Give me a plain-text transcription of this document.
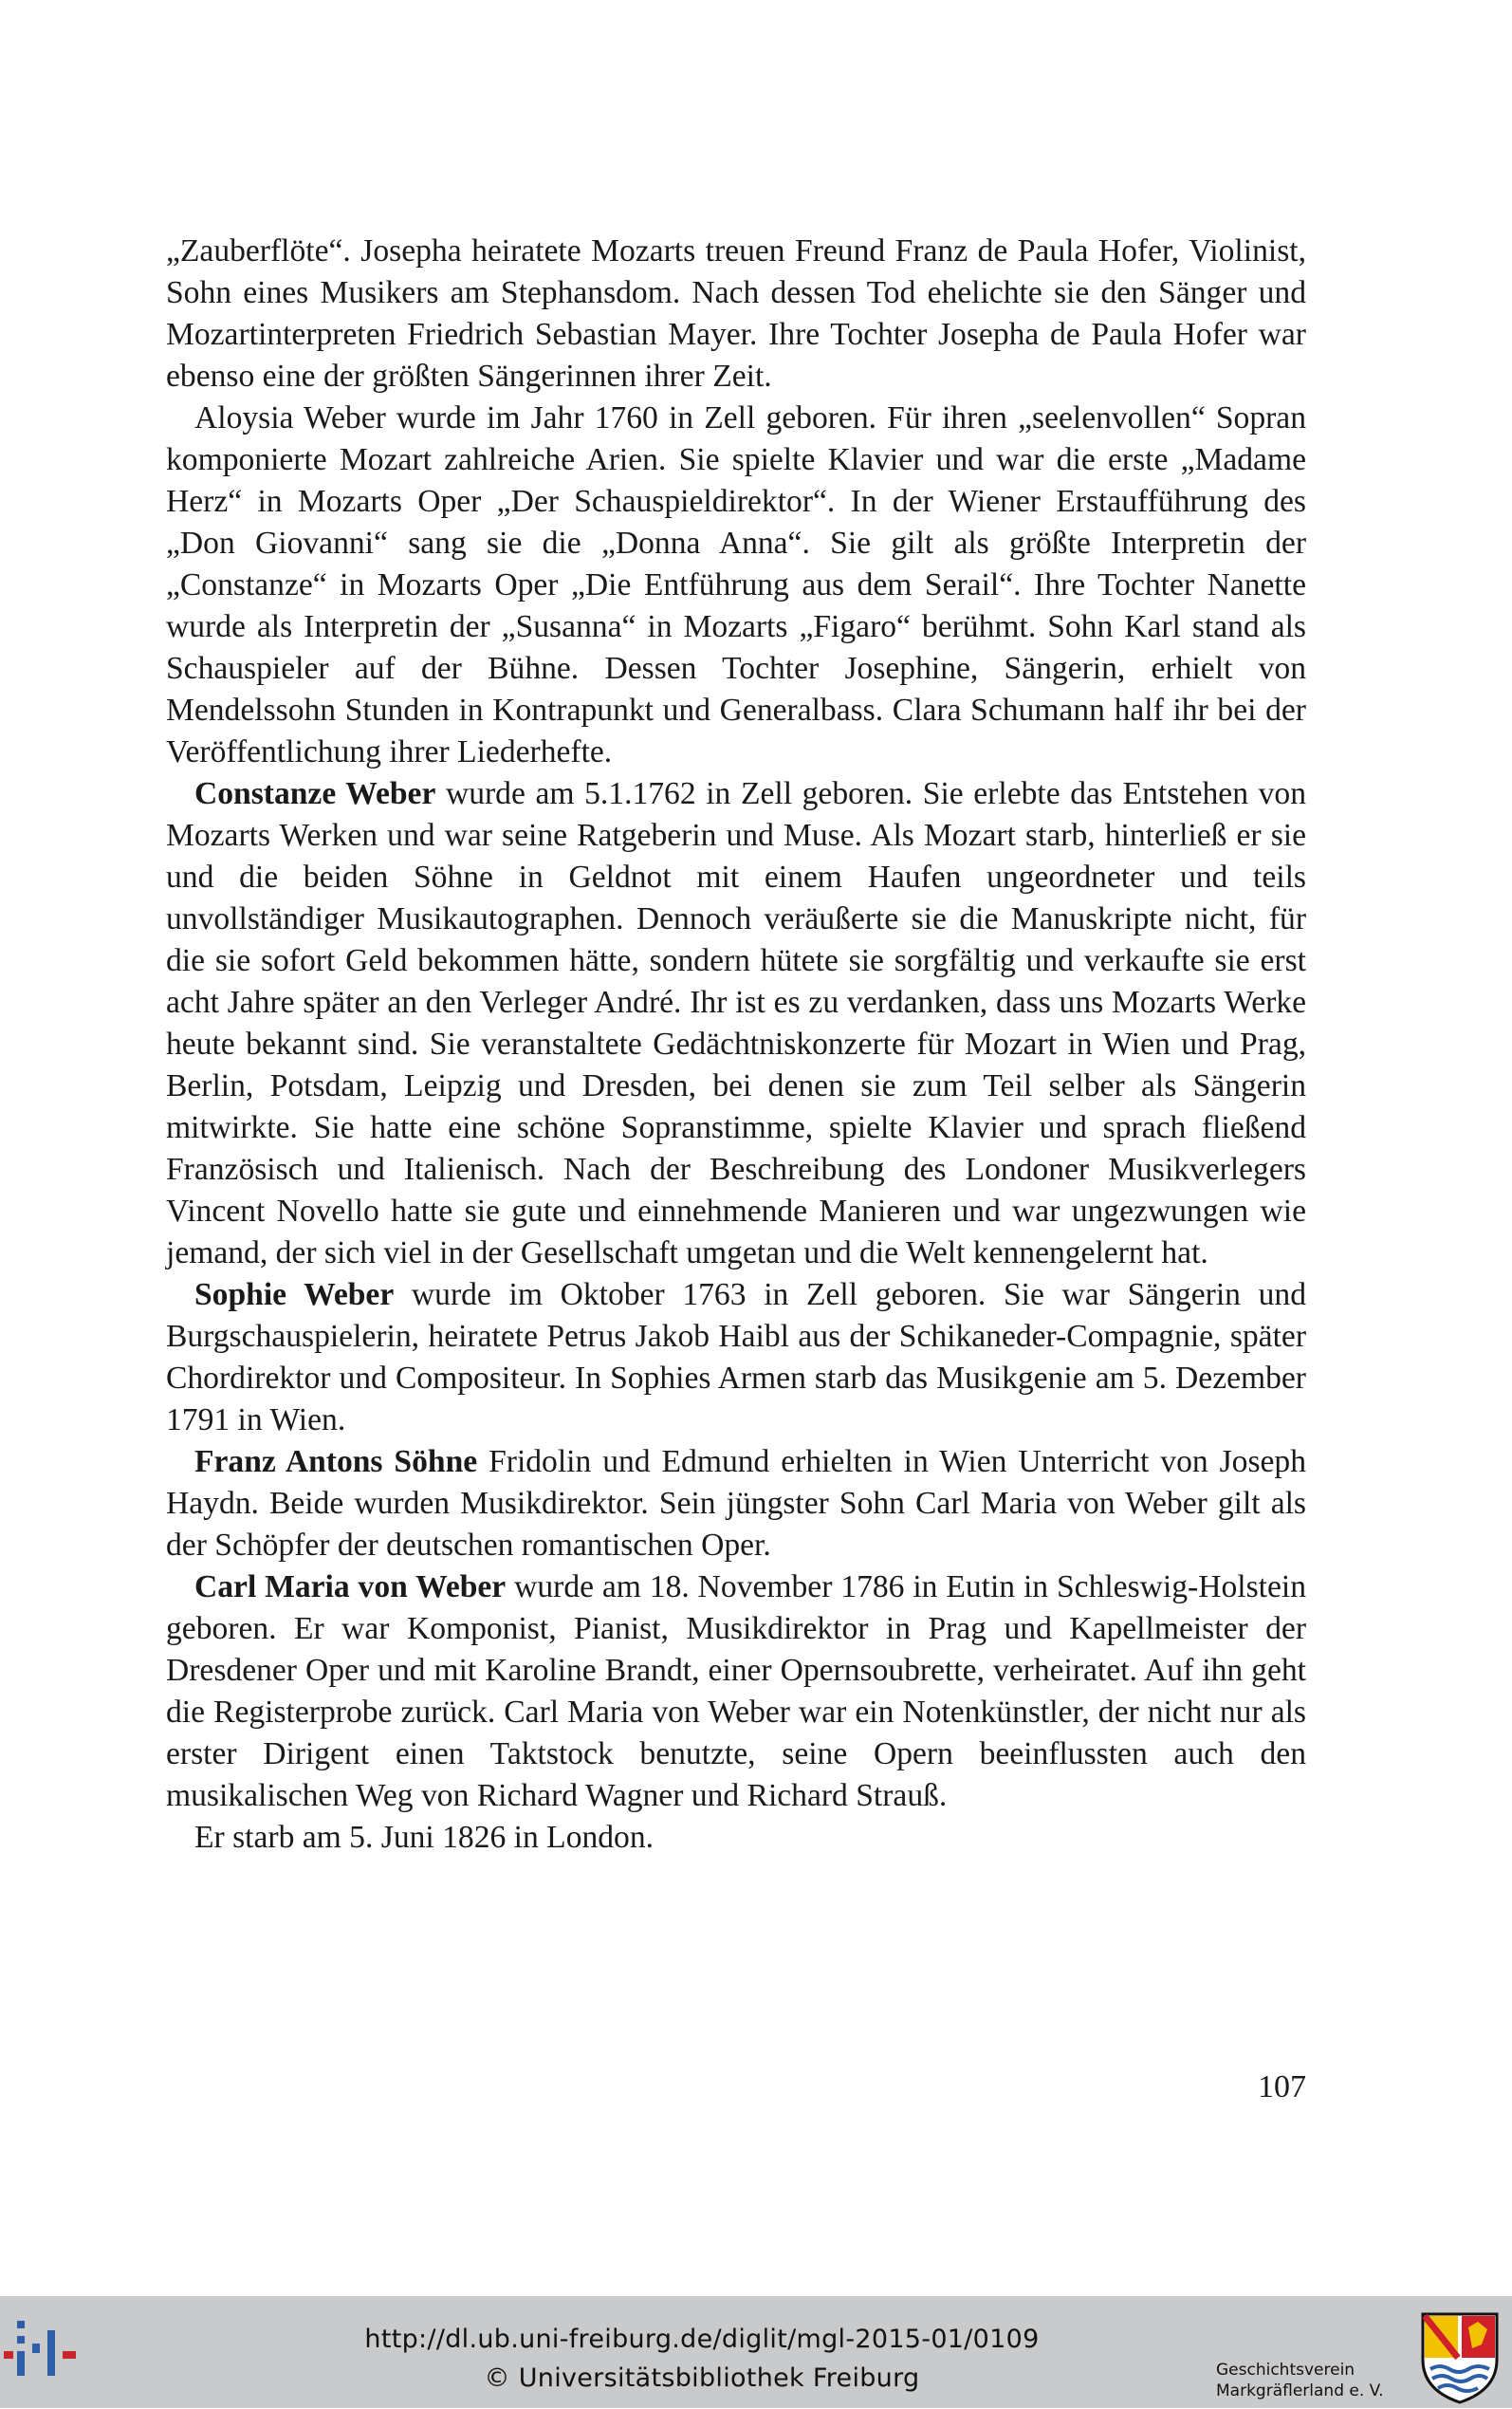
„Zauberflöte“. Josepha heiratete Mozarts treuen Freund Franz de Paula Hofer, Violinist, Sohn eines Musikers am Stephansdom. Nach dessen Tod ehelichte sie den Sänger und Mozartinterpreten Friedrich Sebastian Mayer. Ihre Tochter Josepha de Paula Hofer war ebenso eine der größten Sängerinnen ihrer Zeit.

Aloysia Weber wurde im Jahr 1760 in Zell geboren. Für ihren „seelenvollen“ Sopran komponierte Mozart zahlreiche Arien. Sie spielte Klavier und war die erste „Madame Herz“ in Mozarts Oper „Der Schauspieldirektor“. In der Wiener Erstaufführung des „Don Giovanni“ sang sie die „Donna Anna“. Sie gilt als größte Interpretin der „Constanze“ in Mozarts Oper „Die Entführung aus dem Serail“. Ihre Tochter Nanette wurde als Interpretin der „Susanna“ in Mozarts „Figaro“ berühmt. Sohn Karl stand als Schauspieler auf der Bühne. Dessen Tochter Josephine, Sängerin, erhielt von Mendelssohn Stunden in Kontrapunkt und Generalbass. Clara Schumann half ihr bei der Veröffentlichung ihrer Liederhefte.

Constanze Weber wurde am 5.1.1762 in Zell geboren. Sie erlebte das Entstehen von Mozarts Werken und war seine Ratgeberin und Muse. Als Mozart starb, hinterließ er sie und die beiden Söhne in Geldnot mit einem Haufen ungeordneter und teils unvollständiger Musikautographen. Dennoch veräußerte sie die Manuskripte nicht, für die sie sofort Geld bekommen hätte, sondern hütete sie sorgfältig und verkaufte sie erst acht Jahre später an den Verleger André. Ihr ist es zu verdanken, dass uns Mozarts Werke heute bekannt sind. Sie veranstaltete Gedächtniskonzerte für Mozart in Wien und Prag, Berlin, Potsdam, Leipzig und Dresden, bei denen sie zum Teil selber als Sängerin mitwirkte. Sie hatte eine schöne Sopranstimme, spielte Klavier und sprach fließend Französisch und Italienisch. Nach der Beschreibung des Londoner Musikverlegers Vincent Novello hatte sie gute und einnehmende Manieren und war ungezwungen wie jemand, der sich viel in der Gesellschaft umgetan und die Welt kennengelernt hat.

Sophie Weber wurde im Oktober 1763 in Zell geboren. Sie war Sängerin und Burgschauspielerin, heiratete Petrus Jakob Haibl aus der Schikaneder-Compagnie, später Chordirektor und Compositeur. In Sophies Armen starb das Musikgenie am 5. Dezember 1791 in Wien.

Franz Antons Söhne Fridolin und Edmund erhielten in Wien Unterricht von Joseph Haydn. Beide wurden Musikdirektor. Sein jüngster Sohn Carl Maria von Weber gilt als der Schöpfer der deutschen romantischen Oper.

Carl Maria von Weber wurde am 18. November 1786 in Eutin in Schleswig-Holstein geboren. Er war Komponist, Pianist, Musikdirektor in Prag und Kapellmeister der Dresdener Oper und mit Karoline Brandt, einer Opernsoubrette, verheiratet. Auf ihn geht die Registerprobe zurück. Carl Maria von Weber war ein Notenkünstler, der nicht nur als erster Dirigent einen Taktstock benutzte, seine Opern beeinflussten auch den musikalischen Weg von Richard Wagner und Richard Strauß.

Er starb am 5. Juni 1826 in London.

107
http://dl.ub.uni-freiburg.de/diglit/mgl-2015-01/0109
© Universitätsbibliothek Freiburg	Geschichtsverein
Markgräflerland e. V.
